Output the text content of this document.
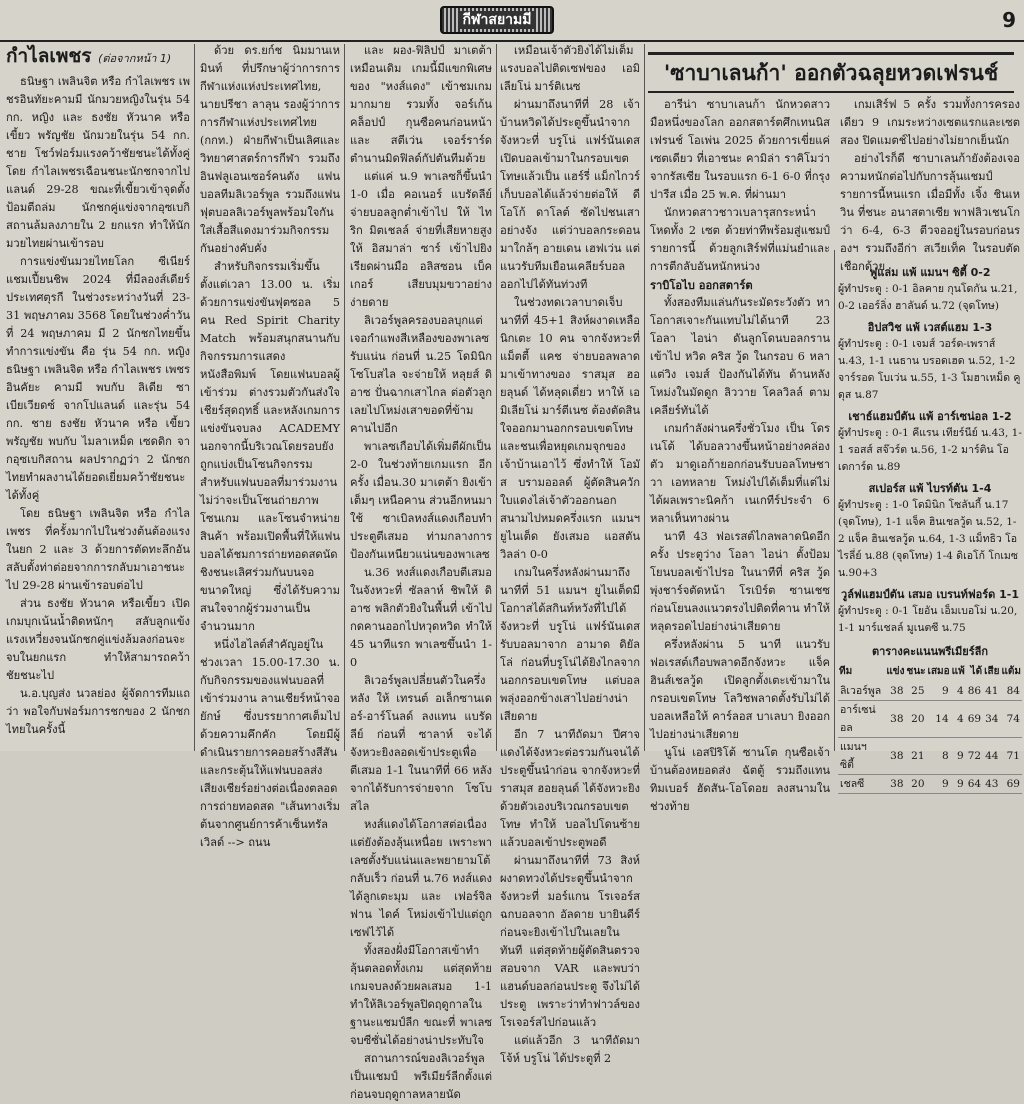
กีฬาสยามมี	9
กำไลเพชร (ต่อจากหน้า 1)

ธนิษฐา เพลินจิต หรือ กำไลเพชร เพชรอินทัยะคามมี นักมวยหญิงในรุ่น 54 กก. หญิง และ ธงชัย หัวนาค หรือ เขี้ยว พรัญชัย นักมวยในรุ่น 54 กก. ชาย โชว์ฟอร์มแรงคว้าชัยชนะได้ทั้งคู่ โดย กำไลเพชรเฉือนชนะนักชกจากไปแลนด์ 29-28 ขณะที่เขี้ยวเข้าจุดตั้งป้อมตีถล่ม นักชกคู่แข่งจากอุซเบกิสถานล้มลงภายใน 2 ยกแรก ทำให้นักมวยไทยผ่านเข้ารอบ

การแข่งขันมวยไทยโลก ซีเนียร์ แชมเปี้ยนชิพ 2024 ที่มีลองส์เดียร์ ประเทศตุรกี ในช่วงระหว่างวันที่ 23-31 พฤษภาคม 3568 โดยในช่วงค่ำวันที่ 24 พฤษภาคม มี 2 นักชกไทยขึ้นทำการแข่งขัน คือ รุ่น 54 กก. หญิง ธนิษฐา เพลินจิต หรือ กำไลเพชร เพชรอินคัยะ คามมี พบกับ ลิเดีย ซาเบียเวียดซ์ จากโปแลนด์ และรุ่น 54 กก. ชาย ธงชัย หัวนาค หรือ เขี้ยว พรัญชัย พบกับ ไมลาเหม็ด เซดดิก จากอุซเบกิสถาน ผลปรากฏว่า 2 นักชกไทยทำผลงานได้ยอดเยี่ยมคว้าชัยชนะได้ทั้งคู่

โดย ธนิษฐา เพลินจิต หรือ กำไลเพชร ที่ครั้งมากไปในช่วงต้นต้องแรงในยก 2 และ 3 ด้วยการตัดทะลึกอันสลับตั้งท่าต่อยจากการกลับมาเอาชนะไป 29-28 ผ่านเข้ารอบต่อไป

ส่วน ธงชัย หัวนาค หรือเขี้ยว เปิดเกมบุกเน้นน้ำติดหนักๆ สลับลูกแข้ง แรงเหวี่ยงจนนักชกคู่แข่งล้มลงก่อนจะจบในยกแรก ทำให้สามารถคว้าชัยชนะไป

น.อ.บุญส่ง นวลย่อง ผู้จัดการทีมแถว่า พอใจกับฟอร์มการชกของ 2 นักชกไทยในครั้งนี้

ด้วย ดร.ยก์ช นิมมานเหมินท์ ที่ปรึกษาผู้ว่าการการกีฬาแห่งแห่งประเทศไทย, นายปรีชา ลาลุน รองผู้ว่าการการกีฬาแห่งประเทศไทย (กกท.) ฝ่ายกีฬาเป็นเลิศและวิทยาศาสตร์การกีฬา รวมถึงอินฟลูเอนเซอร์คนดัง แฟนบอลทีมลิเวอร์พูล รวมถึงแฟนฟุตบอลลิเวอร์พูลพร้อมใจกันใส่เสื้อสีแดงมาร่วมกิจกรรมกันอย่างคับคั่ง

สำหรับกิจกรรมเริ่มขึ้นตั้งแต่เวลา 13.00 น. เริ่มด้วยการแข่งขันฟุตซอล 5 คน Red Spirit Charity Match พร้อมสนุกสนานกับกิจกรรมการแสดง หนังสือพิมพ์ โดยแฟนบอลผู้เข้าร่วม ต่างรวมตัวกันส่งใจเชียร์สุดฤทธิ์ และหลังเกมการแข่งขันจบลง ACADEMY นอกจากนี้บริเวณโดยรอบยังถูกแบ่งเป็นโซนกิจกรรมสำหรับแฟนบอลที่มาร่วมงาน ไม่ว่าจะเป็นโซนถ่ายภาพ โซนเกม และโซนจำหน่ายสินค้า พร้อมเปิดพื้นที่ให้แฟนบอลได้ชมการถ่ายทอดสดนัดชิงชนะเลิศร่วมกันบนจอขนาดใหญ่ ซึ่งได้รับความสนใจจากผู้ร่วมงานเป็นจำนวนมาก

หนึ่งไฮไลต์สำคัญอยู่ในช่วงเวลา 15.00-17.30 น. กับกิจกรรมของแฟนบอลที่เข้าร่วมงาน ลานเชียร์หน้าจอยักษ์ ซึ่งบรรยากาศเต็มไปด้วยความคึกคัก โดยมีผู้ดำเนินรายการคอยสร้างสีสันและกระตุ้นให้แฟนบอลส่งเสียงเชียร์อย่างต่อเนื่องตลอดการถ่ายทอดสด "เส้นทางเริ่มต้นจากศูนย์การค้าเซ็นทรัลเวิลด์ --> ถนน

และ ผอง-ฟิลิปป์ มาเตต้า เหมือนเดิม เกมนี้มีแขกพิเศษของ "หงส์แดง" เข้าชมเกมมากมาย รวมทั้ง จอร์เก้น คล็อปป์ กุนซือคนก่อนหน้า และ สตีเว่น เจอร์ราร์ด ตำนานมิดฟิลด์กัปตันทีมด้วย

แต่แค่ น.9 พาเลซก็ขึ้นนำ 1-0 เมื่อ คอเนอร์ แบรัดลีย์ จ่ายบอลลูกต่ำเข้าไป ให้ ไทริก มิตเชลล์ จ่ายที่เสียหายสูงให้ อิสมาล่า ซาร์ เข้าไปยิงเรียดผ่านมือ อลิสซอน เบ็คเกอร์ เสียบมุมขวาอย่างง่ายดาย

ลิเวอร์พูลครองบอลบุกแต่เจอกำแพงสีเหลืองของพาเลซรับแน่น ก่อนที่ น.25 โดมินิก โซโบสไล จะจ่ายให้ หลุยส์ ดิอาซ ปั่นฉากเสาไกล ต่อตัวลูกเลยไปโหม่งเสาขอดที่ข้ามคานไปอีก

พาเลซเกือบได้เพิ่มตีผักเป็น 2-0 ในช่วงท้ายเกมแรก อีกครั้ง เมื่อน.30 มาเตต้า ยิงเข้าเต็มๆ เหนือคาน ส่วนอีกหนมาใช้ ซาเบิลหงส์แดงเกือบทำประตูตีเสมอ ท่ามกลางการป้องกันเหนียวแน่นของพาเลซ

น.36 หงส์แดงเกือบตีเสมอ ในจังหวะที่ ซัลลาห์ ชิพให้ ดิอาซ พลิกตัวยิงในพื้นที่ เข้าไปกดคานออกไปหวุดหวิด ทำให้ 45 นาทีแรก พาเลซขึ้นนำ 1-0

ลิเวอร์พูลเปลี่ยนตัวในครึ่งหลัง ให้ เทรนต์ อเล็กซานเดอร์-อาร์โนลด์ ลงแทน แบรัดลีย์ ก่อนที่ ซาลาห์ จะได้จังหวะยิงลอดเข้าประตูเพื่อตีเสมอ 1-1 ในนาทีที่ 66 หลังจากได้รับการจ่ายจาก โซโบสไล

หงส์แดงได้โอกาสต่อเนื่อง แต่ยังต้องลุ้นเหนื่อย เพราะพาเลซตั้งรับแน่นและพยายามโต้กลับเร็ว ก่อนที่ น.76 หงส์แดงได้ลูกเตะมุม และ เฟอร์จิล ฟาน ไดค์ โหม่งเข้าไปแต่ถูกเซฟไว้ได้

ทั้งสองฝั่งมีโอกาสเข้าทำลุ้นตลอดทั้งเกม แต่สุดท้ายเกมจบลงด้วยผลเสมอ 1-1 ทำให้ลิเวอร์พูลปิดฤดูกาลในฐานะแชมป์ลีก ขณะที่ พาเลซ จบซีซั่นได้อย่างน่าประทับใจ

สถานการณ์ของลิเวอร์พูลเป็นแชมป์ พรีเมียร์ลีกตั้งแต่ก่อนจบฤดูกาลหลายนัด

เหมือนเจ้าตัวยิงได้ไม่เต็มแรงบอลไปติดเซฟของ เอมิเลียโน่ มาร์ติเนซ

ผ่านมาถึงนาทีที่ 28 เจ้าบ้านหวิดได้ประตูขึ้นนำจากจังหวะที่ บรูโน่ แฟร์นันเดส เปิดบอลเข้ามาในกรอบเขตโทษแล้วเป็น แฮร์รี่ แม็กไกวร์ เก็บบอลได้แล้วจ่ายต่อให้ ดีโอโก้ ดาโลต์ ซัดไปชนเสาอย่างจัง แต่ว่าบอลกระดอนมาใกล้ๆ อายเดน เฮฟเว่น แต่แนวรับทีมเยือนเคลียร์บอลออกไปได้ทันท่วงที

ในช่วงทดเวลาบาดเจ็บนาทีที่ 45+1 สิงห์ผงาดเหลือนิกเตะ 10 คน จากจังหวะที่ แม็ตตี้ แคช จ่ายบอลพลาด มาเข้าทางของ ราสมุส ฮอยลุนด์ ได้หลุดเดี่ยว หาให้ เอมิเลียโน่ มาร์ตีเนซ ต้องตัดสินใจออกมานอกกรอบเขตโทษ และชนเพื่อหยุดเกมจุกของเจ้าบ้านเอาไว้ ซึ่งทำให้ โอมัส บรามออลด์ ผู้ตัดสินควักใบแดงไล่เจ้าตัวออกนอกสนามไปหมดครึ่งแรก แมนฯ ยูไนเต็ด ยังเสมอ แอสตัน วิลล่า 0-0

เกมในครึ่งหลังผ่านมาถึงนาทีที่ 51 แมนฯ ยูไนเต็ดมีโอกาสได้สกินท์หวังที่ไปได้จังหวะที่ บรูโน่ แฟร์นันเดส รับบอลมาจาก อามาด ดิยัลโล่ ก่อนที่บรูโน่ได้ยิงไกลจากนอกกรอบเขตโทษ แต่บอลพลุ่งออกข้างเสาไปอย่างน่าเสียดาย

อีก 7 นาทีถัดมา ปีศาจแดงได้จังหวะต่อรวมกันจนได้ประตูขึ้นนำก่อน จากจังหวะที่ ราสมุส ฮอยลุนด์ ได้จังหวะยิงด้วยตัวเองบริเวณกรอบเขตโทษ ทำให้ บอลไปโดนซ้ายแล้วบอลเข้าประตูพอดี

ผ่านมาถึงนาทีที่ 73 สิงห์ผงาดทวงได้ประตูขึ้นนำจากจังหวะที่ มอร์แกน โรเจอร์ส ฉกบอลจาก อัลดาย บายินดีร์ ก่อนจะยิงเข้าไปในเลยในทันที แต่สุดท้ายผู้ตัดสินตรวจสอบจาก VAR และพบว่าแฮนด์บอลก่อนประตู จึงไม่ได้ประตู เพราะว่าทำฟาวล์ของโรเจอร์สไปก่อนแล้ว

แต่แล้วอีก 3 นาทีถัดมา โจ้ห์ บรูโน่ ได้ประตูที่ 2

'ซาบาเลนก้า' ออกตัวฉลุยหวดเฟรนช์

อารีน่า ซาบาเลนก้า นักหวดสาวมือหนึ่งของโลก ออกสตาร์ตศึกเทนนิสเฟรนช์ โอเพ่น 2025 ด้วยการเขี่ยแค่เซตเดียว ที่เอาชนะ คามิล่า ราคิโมว่า จากรัสเซีย ในรอบแรก 6-1 6-0 ที่กรุงปารีส เมื่อ 25 พ.ค. ที่ผ่านมา

นักหวดสาวชาวเบลารุสกระหน่ำโหดทั้ง 2 เซต ด้วยท่าทีพร้อมสู่แชมป์รายการนี้ ด้วยลูกเสิร์ฟที่แม่นยำและการตีกลับอันหนักหน่วง

ราบิโอไบ ออกสตาร์ต

ทั้งสองทีมแล่นกันระมัดระวังตัว หาโอกาสเจาะกันแทบไม่ได้นาที 23 โอลา ไอน่า ดันลูกโดนบอลกรานเข้าไป หวิด คริส วู้ด ในกรอบ 6 หลา แต่วิง เจมส์ ป้องกันได้ทัน ด้านหลังโหม่งในมัดดูก ลิววาย โคลวิลล์ ตามเคลียร์ทันได้

เกมกำลังผ่านครึ่งชั่วโมง เป็น โดร เนโต้ ได้บอลวางขึ้นหน้าอย่างคล่องตัว มาดูเอก้ายอกก่อนรับบอลโทษชาวา เอทหลาย โหม่งไปได้เต็มที่แต่ไม่ได้ผลเพราะนิคก้า เนเกทีร์ประจำ 6 หลาเห็นทางผ่าน

นาที 43 ฟอเรสต์ไกลพลาดนิดอีกครั้ง ประตูว่าง โอลา ไอน่า ตั้งป้อมโยนบอลเข้าไปรอ ในนาทีที่ คริส วู้ด พุ่งชาร์จตัดหน้า โรเบิร์ต ซานเชซ ก่อนโยนลงแนวตรงไปติดที่คาน ทำให้หลุดรอดไปอย่างน่าเสียดาย

ครึ่งหลังผ่าน 5 นาที แนวรับฟอเรสต์เกือบพลาดอีกจังหวะ แจ็ค ฮินส์เชลวู้ด เปิดลูกตั้งเตะเข้ามาในกรอบเขตโทษ โลวิชพลาดตั้งรับไม่ได้ บอลเหลือให้ คาร์ลอส บาเลบา ยิงออกไปอย่างน่าเสียดาย

นูโน่ เอสปิริโต้ ซานโต กุนซือเจ้าบ้านต้องหยอดส่ง ฉัตตู้ รวมถึงแทน ทิมเบอร์ ฮัดสัน-โอโดอย ลงสนามในช่วงท้าย

เกมเสิร์ฟ 5 ครั้ง รวมทั้งการครองเดียว 9 เกมระหว่างเซตแรกและเซตสอง ปิดแมตช์ไปอย่างไม่ยากเย็นนัก

อย่างไรก็ดี ซาบาเลนก้ายังต้องเจอความหนักต่อไปกับการลุ้นแชมป์รายการนี้หนแรก เมื่อมีทั้ง เจิ้ง ชินเหวิน ที่ชนะ อนาสตาเซีย พาฟลิวเชนโกว่า 6-4, 6-3 ตีวจออยู่ในรอบก่อนรองฯ รวมถึงอีก่า สเวียเท็ค ในรอบตัดเชือกด้วย

ฟูแล่ม แพ้ แมนฯ ซิตี้ 0-2
ผู้ทำประตู : 0-1 อิลคาย กุนโดกัน น.21, 0-2 เออร์ลิ่ง ฮาลันด์ น.72 (จุดโทษ)
อิปสวิช แพ้ เวสต์แฮม 1-3
ผู้ทำประตู : 0-1 เจมส์ วอร์ด-เพราส์ น.43, 1-1 เนธาน บรอดเฮด น.52, 1-2 จาร์รอด โบเว่น น.55, 1-3 โมฮาเหม็ด คูดุส น.87
เชาธ์แฮมป์ตัน แพ้ อาร์เซน่อล 1-2
ผู้ทำประตู : 0-1 คีแรน เทียร์นีย์ น.43, 1-1 รอสส์ สจ๊วร์ต น.56, 1-2 มาร์ติน โอเดการ์ด น.89
สเปอร์ส แพ้ ไบรท์ตัน 1-4
ผู้ทำประตู : 1-0 โดมินิก โซลันกี้ น.17 (จุดโทษ), 1-1 แจ็ค ฮินเชลวู้ด น.52, 1-2 แจ็ค ฮินเชลวู้ด น.64, 1-3 แม็ทธิว โอไรลี่ย์ น.88 (จุดโทษ) 1-4 ดิเอโก้ โกเมซ น.90+3
วูล์ฟแฮมป์ตัน เสมอ เบรนท์ฟอร์ด 1-1
ผู้ทำประตู : 0-1 โยอัน เอ็มเบอโม่ น.20, 1-1 มาร์แชลล์ มูเนตซี น.75
ตารางคะแนนพรีเมียร์ลีก
ทีม	แข่ง	ชนะ	เสมอ	แพ้	ได้	เสีย	แต้ม
ลิเวอร์พูล	38	25	9	4	86	41	84
อาร์เซน่อล	38	20	14	4	69	34	74
แมนฯ ซิตี้	38	21	8	9	72	44	71
เชลซี	38	20	9	9	64	43	69
